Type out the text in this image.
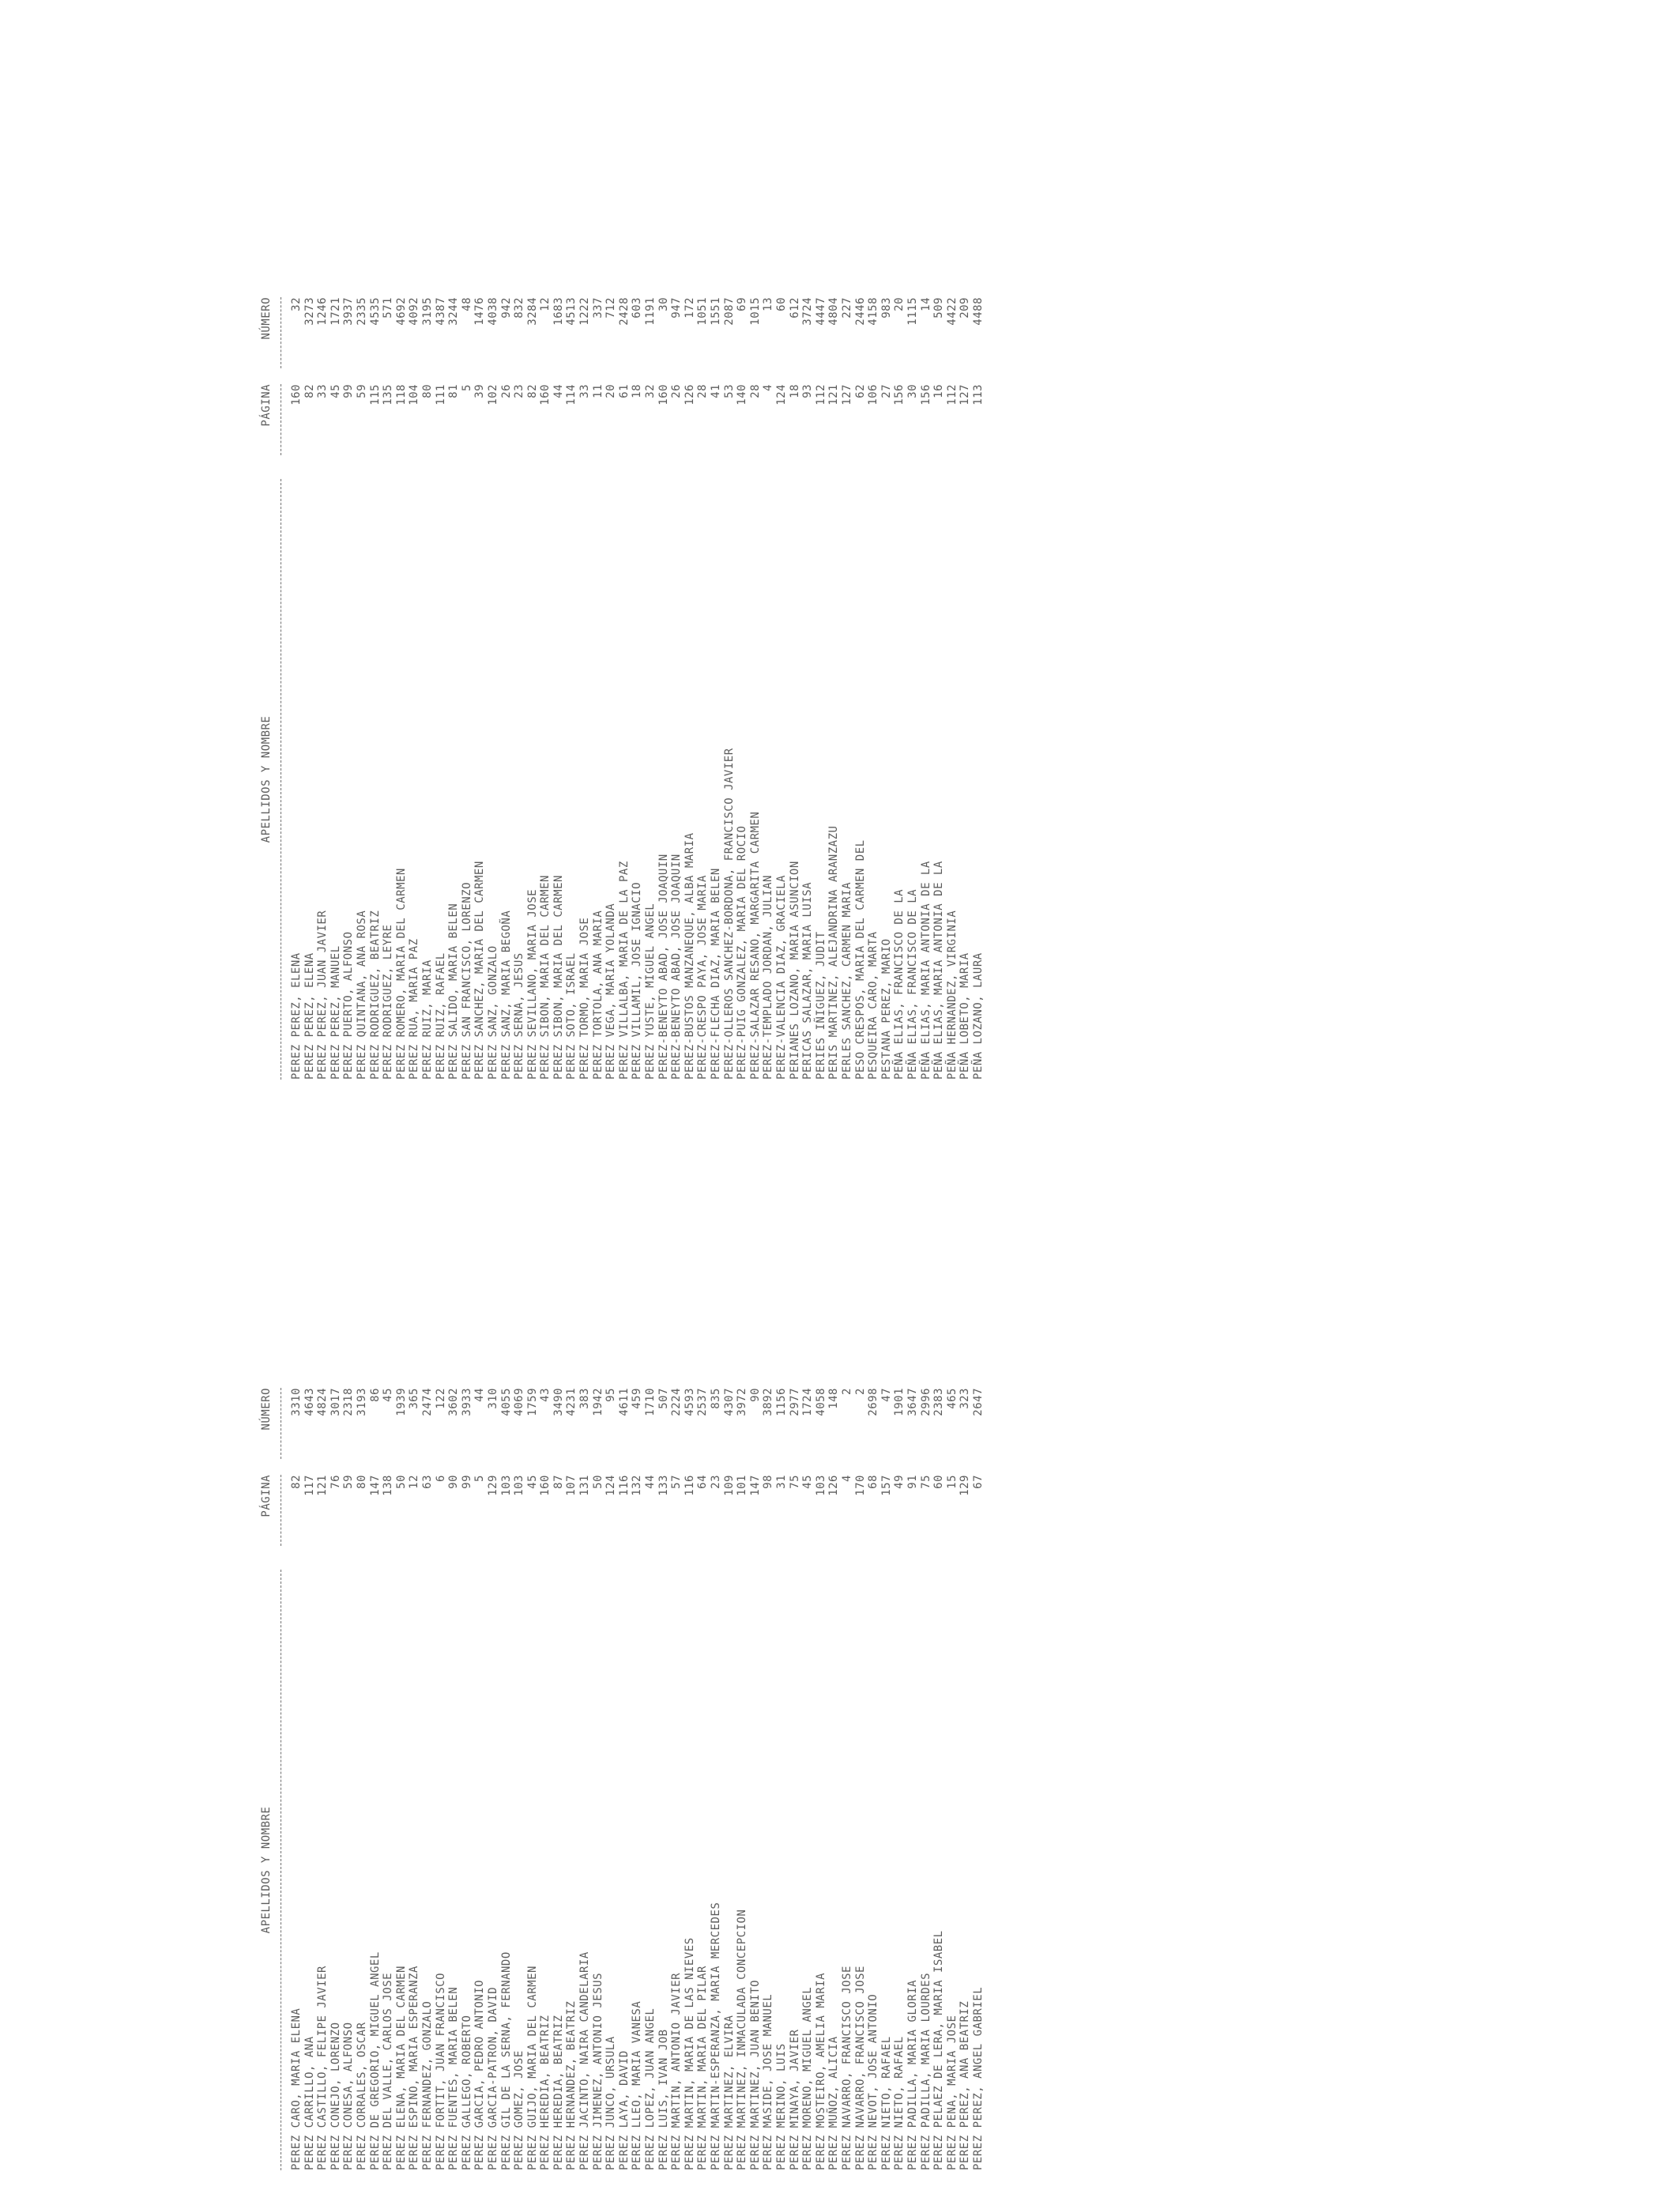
APELLIDOS Y NOMBRE
PÁGINA
NÚMERO
PEREZ CARO, MARIA ELENA
82
3310
PEREZ CARRILLO, ANA
117
4643
PEREZ CASTILLO, FELIPE JAVIER
121
4824
PEREZ CONEJO, LORENZO
76
3017
PEREZ CONESA, ALFONSO
59
2318
PEREZ CORRALES, OSCAR
80
3193
PEREZ DE GREGORIO, MIGUEL ANGEL
147
86
PEREZ DEL VALLE, CARLOS JOSE
138
45
PEREZ ELENA, MARIA DEL CARMEN
50
1939
PEREZ ESPINO, MARIA ESPERANZA
12
365
PEREZ FERNANDEZ, GONZALO
63
2474
PEREZ FORTIT, JUAN FRANCISCO
6
122
PEREZ FUENTES, MARIA BELEN
90
3602
PEREZ GALLEGO, ROBERTO
99
3933
PEREZ GARCIA, PEDRO ANTONIO
5
44
PEREZ GARCIA-PATRON, DAVID
129
310
PEREZ GIL DE LA SERNA, FERNANDO
103
4055
PEREZ GOMEZ, JOSE
103
4069
PEREZ GUIJO, MARIA DEL CARMEN
45
1759
PEREZ HEREDIA, BEATRIZ
160
43
PEREZ HEREDIA, BEATRIZ
87
3490
PEREZ HERNANDEZ, BEATRIZ
107
4231
PEREZ JACINTO, NAIRA CANDELARIA
131
383
PEREZ JIMENEZ, ANTONIO JESUS
50
1942
PEREZ JUNCO, URSULA
124
95
PEREZ LAYA, DAVID
116
4611
PEREZ LLEO, MARIA VANESA
132
459
PEREZ LOPEZ, JUAN ANGEL
44
1710
PEREZ LUIS, IVAN JOB
133
507
PEREZ MARTIN, ANTONIO JAVIER
57
2224
PEREZ MARTIN, MARIA DE LAS NIEVES
116
4593
PEREZ MARTIN, MARIA DEL PILAR
64
2537
PEREZ MARTIN-ESPERANZA, MARIA MERCEDES
23
835
PEREZ MARTINEZ, ELVIRA
109
4307
PEREZ MARTINEZ, INMACULADA CONCEPCION
101
3972
PEREZ MARTINEZ, JUAN BENITO
147
90
PEREZ MASIDE, JOSE MANUEL
98
3892
PEREZ MERINO, LUIS
31
1156
PEREZ MINAYA, JAVIER
75
2977
PEREZ MORENO, MIGUEL ANGEL
45
1724
PEREZ MOSTEIRO, AMELIA MARIA
103
4058
PEREZ MUÑOZ, ALICIA
126
148
PEREZ NAVARRO, FRANCISCO JOSE
4
2
PEREZ NAVARRO, FRANCISCO JOSE
170
2
PEREZ NEVOT, JOSE ANTONIO
68
2698
PEREZ NIETO, RAFAEL
157
47
PEREZ NIETO, RAFAEL
49
1901
PEREZ PADILLA, MARIA GLORIA
91
3647
PEREZ PADILLA, MARIA LOURDES
75
2996
PEREZ PELAEZ DE LERA, MARIA ISABEL
60
2383
PEREZ PENA, MARIA JOSE
15
465
PEREZ PEREZ, ANA BEATRIZ
129
323
PEREZ PEREZ, ANGEL GABRIEL
67
2647
APELLIDOS Y NOMBRE
PÁGINA
NÚMERO
PEREZ PEREZ, ELENA
160
32
PEREZ PEREZ, ELENA
82
3273
PEREZ PEREZ, JUAN JAVIER
33
1246
PEREZ PEREZ, MANUEL
45
1721
PEREZ PUERTO, ALFONSO
99
3937
PEREZ QUINTANA, ANA ROSA
59
2335
PEREZ RODRIGUEZ, BEATRIZ
115
4535
PEREZ RODRIGUEZ, LEYRE
135
571
PEREZ ROMERO, MARIA DEL CARMEN
118
4692
PEREZ RUA, MARIA PAZ
104
4092
PEREZ RUIZ, MARIA
80
3195
PEREZ RUIZ, RAFAEL
111
4387
PEREZ SALIDO, MARIA BELEN
81
3244
PEREZ SAN FRANCISCO, LORENZO
5
48
PEREZ SANCHEZ, MARIA DEL CARMEN
39
1476
PEREZ SANZ, GONZALO
102
4038
PEREZ SANZ, MARIA BEGOÑA
26
942
PEREZ SERNA, JESUS
23
832
PEREZ SEVILLANO, MARIA JOSE
82
3284
PEREZ SIBON, MARIA DEL CARMEN
160
12
PEREZ SIBON, MARIA DEL CARMEN
44
1683
PEREZ SOTO, ISRAEL
114
4513
PEREZ TORMO, MARIA JOSE
33
1222
PEREZ TORTOLA, ANA MARIA
11
337
PEREZ VEGA, MARIA YOLANDA
20
712
PEREZ VILLALBA, MARIA DE LA PAZ
61
2428
PEREZ VILLAMIL, JOSE IGNACIO
18
603
PEREZ YUSTE, MIGUEL ANGEL
32
1191
PEREZ-BENEYTO ABAD, JOSE JOAQUIN
160
30
PEREZ-BENEYTO ABAD, JOSE JOAQUIN
26
947
PEREZ-BUSTOS MANZANEQUE, ALBA MARIA
126
172
PEREZ-CRESPO PAYA, JOSE MARIA
28
1051
PEREZ-FLECHA DIAZ, MARIA BELEN
41
1551
PEREZ-OLLEROS SANCHEZ-BORDONA, FRANCISCO JAVIER
53
2087
PEREZ-PUIG GONZALEZ, MARIA DEL ROCIO
140
69
PEREZ-SALAZAR RESANO, MARGARITA CARMEN
28
1015
PEREZ-TEMPLADO JORDAN, JULIAN
4
13
PEREZ-VALENCIA DIAZ, GRACIELA
124
60
PERIANES LOZANO, MARIA ASUNCION
18
612
PERICAS SALAZAR, MARIA LUISA
93
3724
PERIES IÑIGUEZ, JUDIT
112
4447
PERIS MARTINEZ, ALEJANDRINA ARANZAZU
121
4804
PERLES SANCHEZ, CARMEN MARIA
127
227
PESO CRESPOS, MARIA DEL CARMEN DEL
62
2446
PESQUEIRA CARO, MARTA
106
4158
PESTANA PEREZ, MARIO
27
983
PEÑA ELIAS, FRANCISCO DE LA
156
20
PEÑA ELIAS, FRANCISCO DE LA
30
1115
PEÑA ELIAS, MARIA ANTONIA DE LA
156
14
PEÑA ELIAS, MARIA ANTONIA DE LA
16
509
PEÑA HERNANDEZ, VIRGINIA
112
4422
PEÑA LOBETO, MARIA
127
209
PEÑA LOZANO, LAURA
113
4488
